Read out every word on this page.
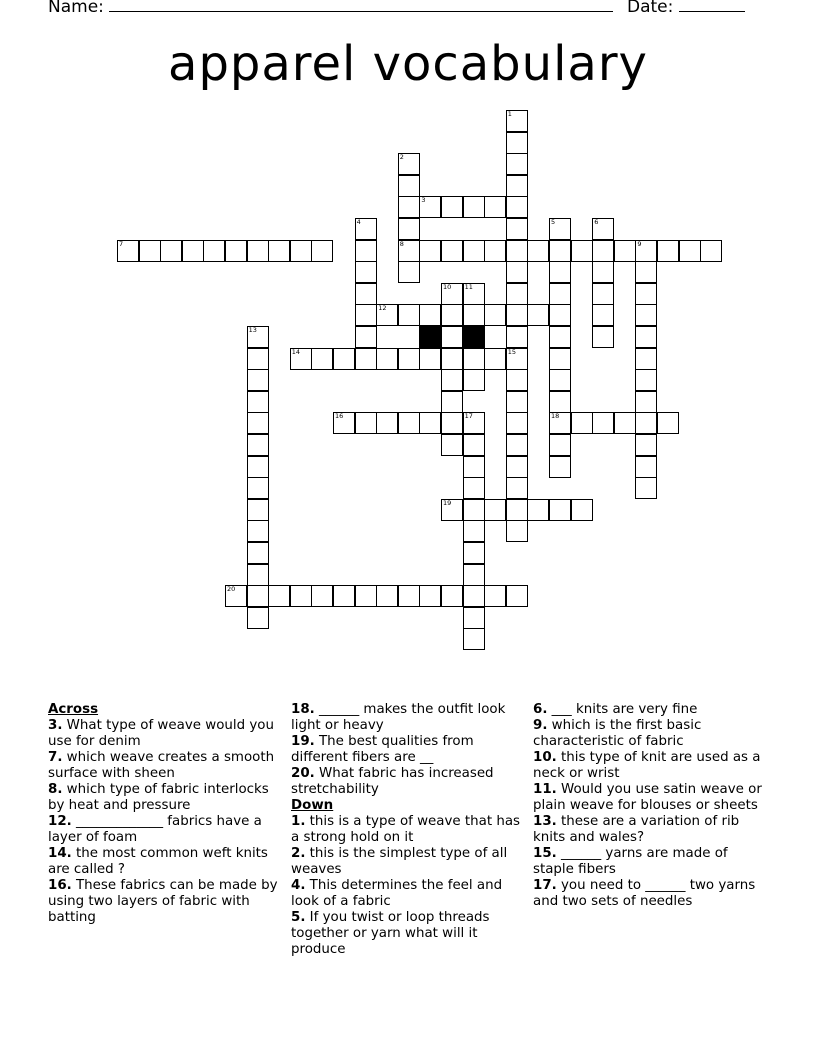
Name:	Date:
apparel vocabulary
1
2
8
3
4	5
18
6
7	9
10 11
12
13
14	15
16	17
19
20
Across
3. What type of weave would you use for denim
7. which weave creates a smooth surface with sheen
8. which type of fabric interlocks by heat and pressure
12. _____________ fabrics have a layer of foam
14. the most common weft knits are called ?
16. These fabrics can be made by using two layers of fabric with batting
18. ______ makes the outfit look light or heavy
19. The best qualities from different fibers are __
20. What fabric has increased stretchability
Down
1. this is a type of weave that has a strong hold on it
2. this is the simplest type of all weaves
4. This determines the feel and look of a fabric
5. If you twist or loop threads together or yarn what will it produce
6. ___ knits are very fine
9. which is the first basic characteristic of fabric
10. this type of knit are used as a neck or wrist
11. Would you use satin weave or plain weave for blouses or sheets
13. these are a variation of rib knits and wales?
15. ______ yarns are made of staple fibers
17. you need to ______ two yarns and two sets of needles
